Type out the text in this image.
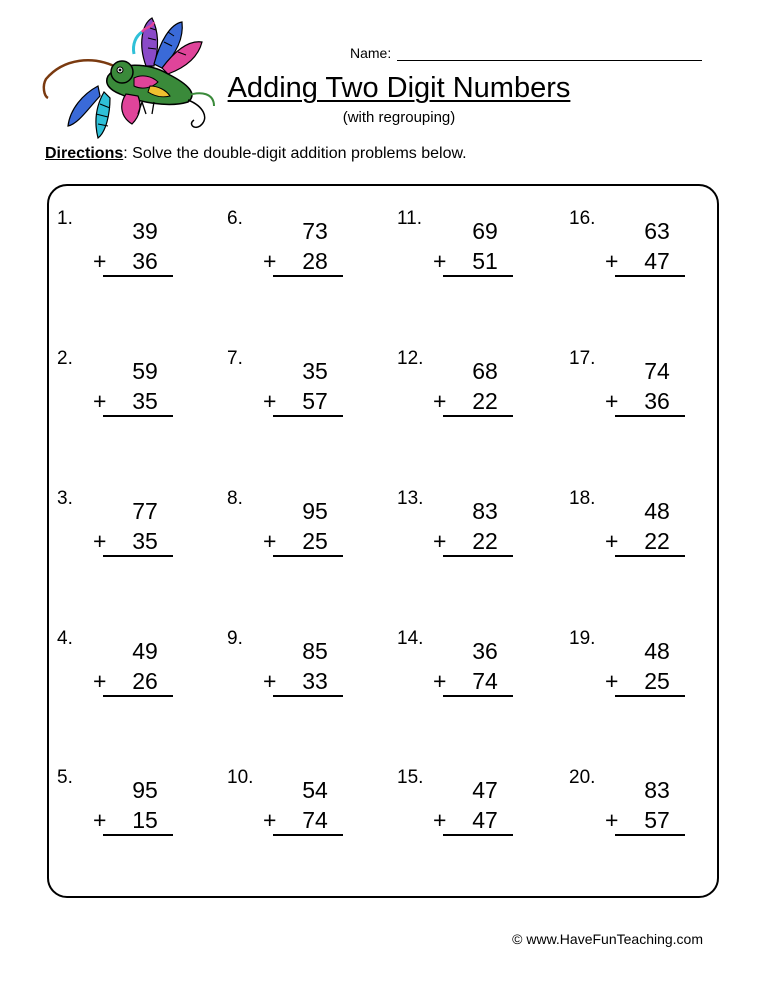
Name:
Adding Two Digit Numbers
(with regrouping)
Directions: Solve the double-digit addition problems below.
1.	39
+	36
6.	73
+	28
11.	69
+	51
16.	63
+	47
2.	59
+	35
7.	35
+	57
12.	68
+	22
17.	74
+	36
3.	77
+	35
8.	95
+	25
13.	83
+	22
18.	48
+	22
4.	49
+	26
9.	85
+	33
14.	36
+	74
19.	48
+	25
5.	95
+	15
10.	54
+	74
15.	47
+	47
20.	83
+	57
© www.HaveFunTeaching.com
